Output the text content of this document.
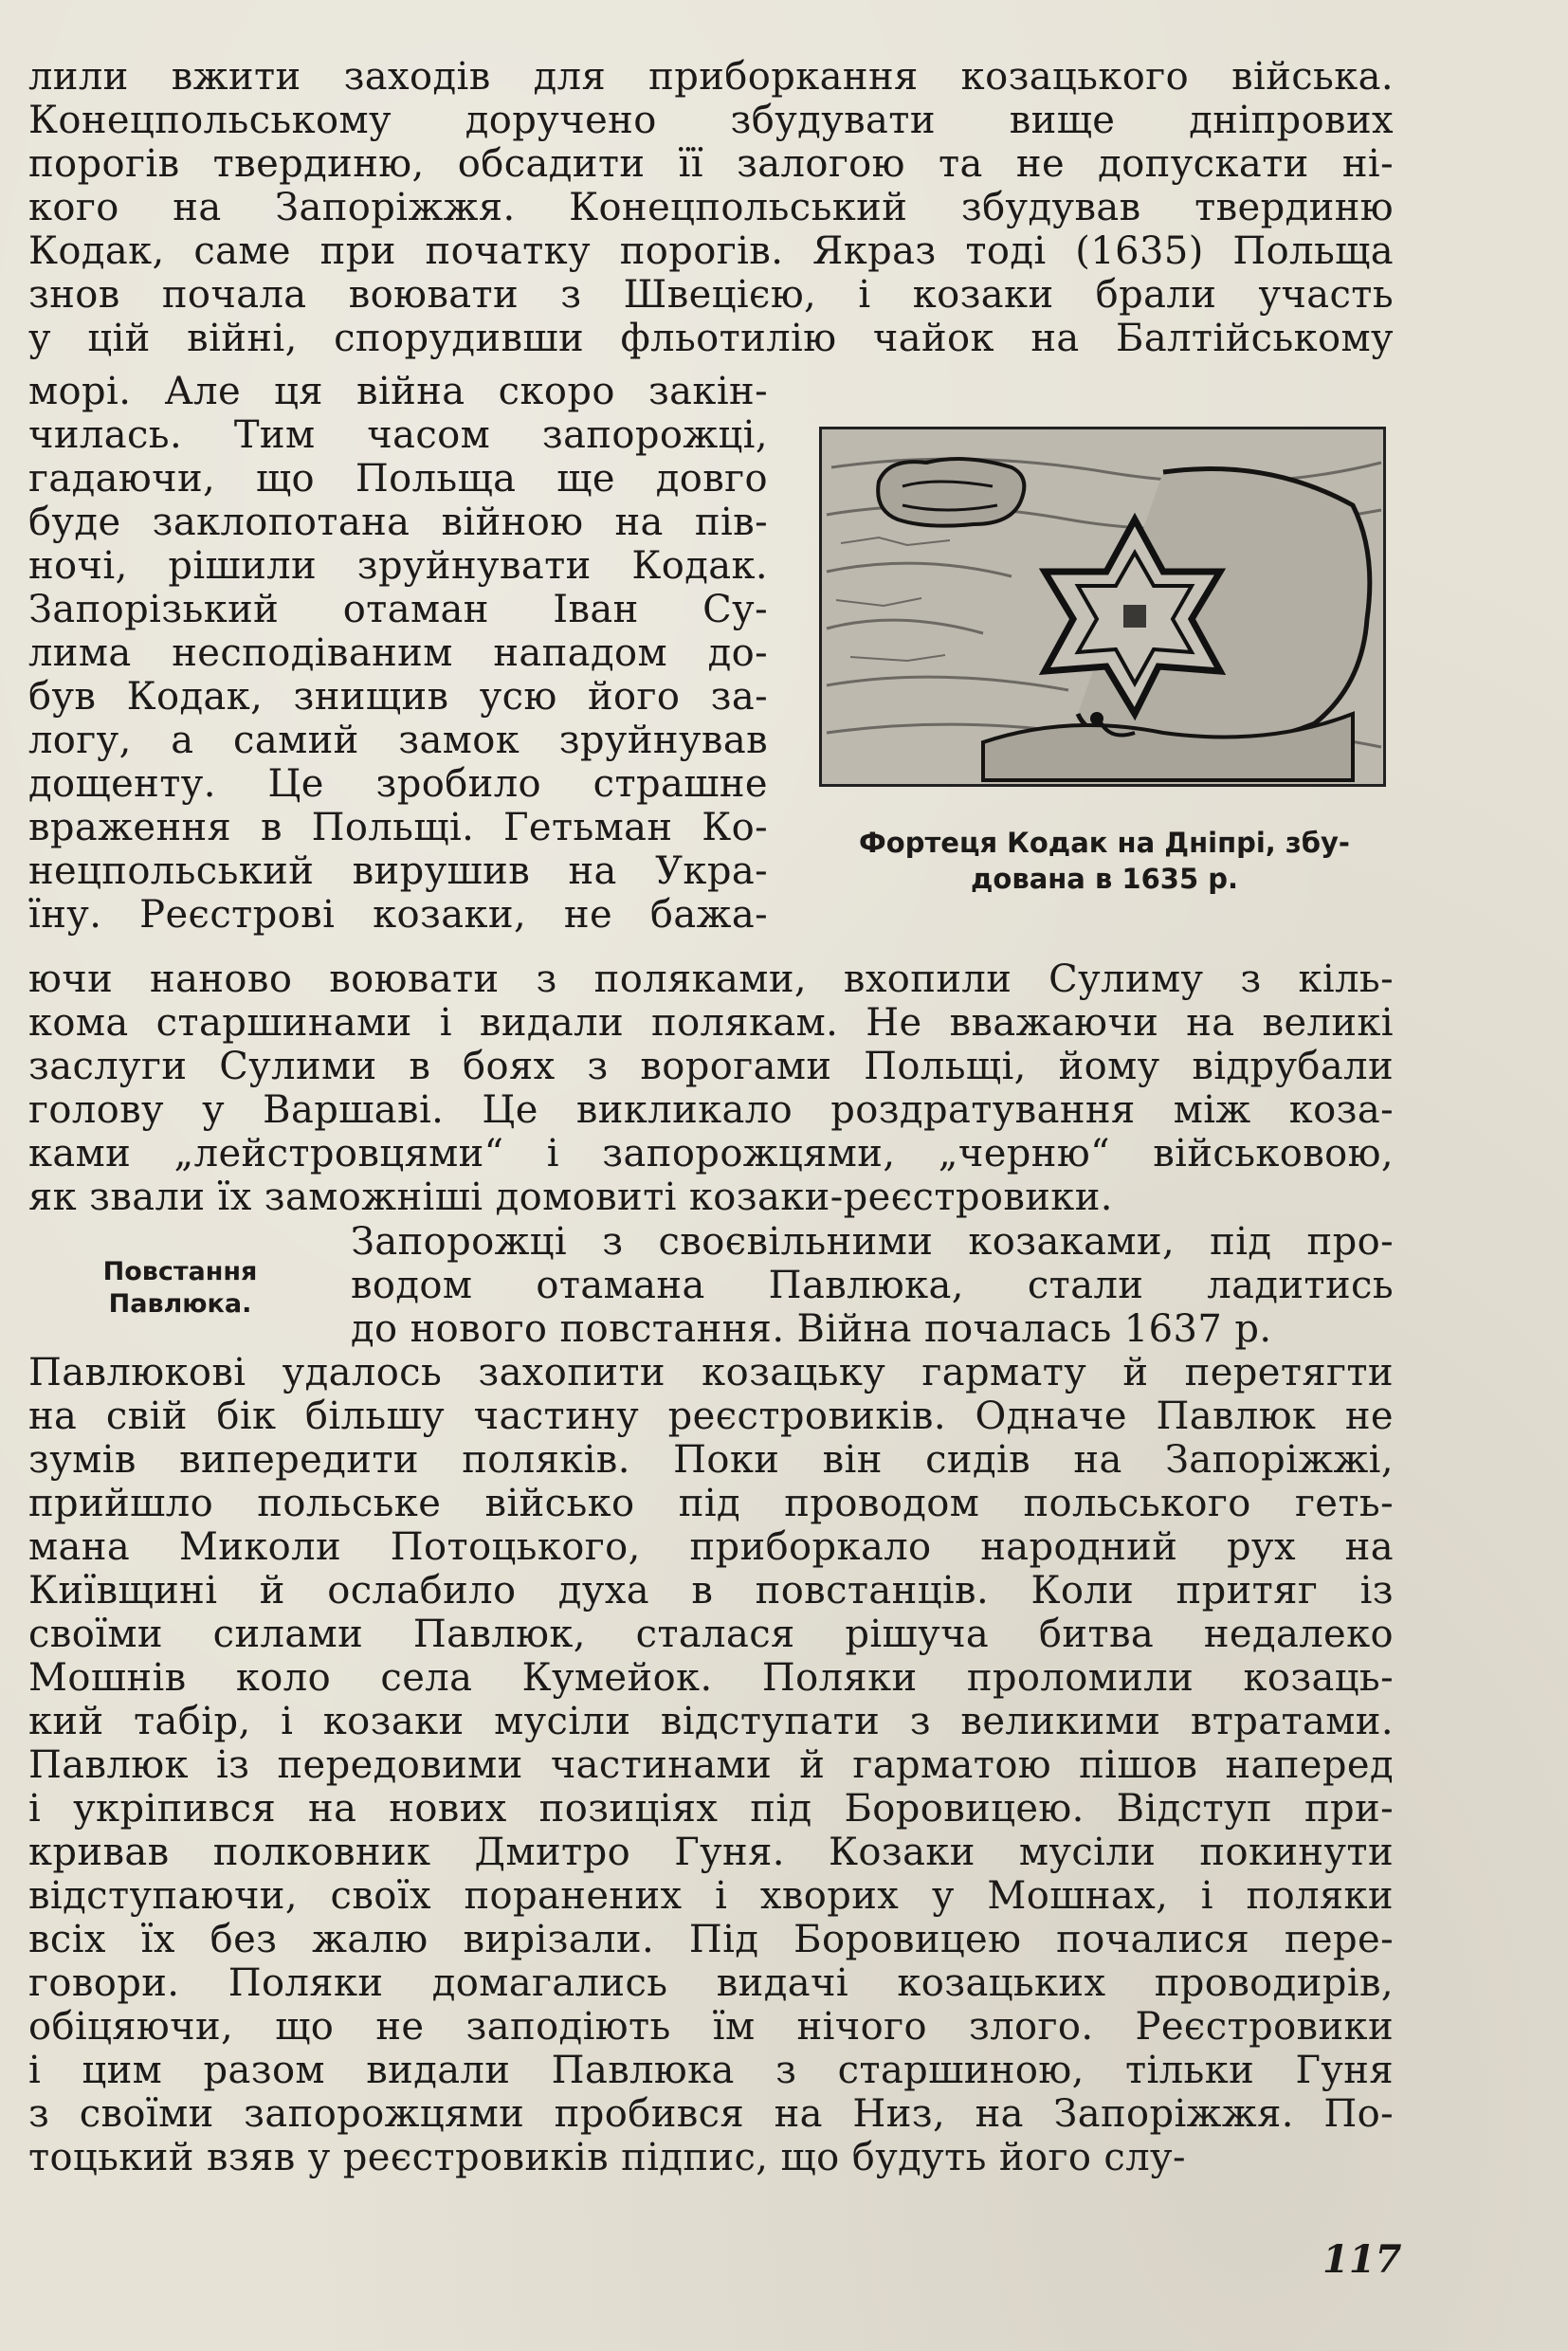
лили вжити заходів для приборкання козацького війська.
Конецпольському доручено збудувати вище дніпрових
порогів твердиню, обсадити її залогою та не допускати ні-
кого на Запоріжжя. Конецпольський збудував твердиню
Кодак, саме при початку порогів. Якраз тоді (1635) Польща
знов почала воювати з Швецією, і козаки брали участь
у цій війні, спорудивши фльотилію чайок на Балтійському
морі. Але ця війна скоро закін-
чилась. Тим часом запорожці,
гадаючи, що Польща ще довго
буде заклопотана війною на пів-
ночі, рішили зруйнувати Кодак.
Запорізький отаман Іван Су-
лима несподіваним нападом до-
був Кодак, знищив усю його за-
логу, а самий замок зруйнував
дощенту. Це зробило страшне
враження в Польщі. Гетьман Ко-
нецпольський вирушив на Укра-
їну. Реєстрові козаки, не бажа-
Фортеця Кодак на Дніпрі, збу-
дована в 1635 р.
ючи наново воювати з поляками, вхопили Сулиму з кіль-
кома старшинами і видали полякам. Не вважаючи на великі
заслуги Сулими в боях з ворогами Польщі, йому відрубали
голову у Варшаві. Це викликало роздратування між коза-
ками „лейстровцями“ і запорожцями, „черню“ військовою,
як звали їх заможніші домовиті козаки-реєстровики.
Повстання
Павлюка.
Запорожці з своєвільними козаками, під про-
водом отамана Павлюка, стали ладитись
до нового повстання. Війна почалась 1637 р.
Павлюкові удалось захопити козацьку гармату й перетягти
на свій бік більшу частину реєстровиків. Одначе Павлюк не
зумів випередити поляків. Поки він сидів на Запоріжжі,
прийшло польське військо під проводом польського геть-
мана Миколи Потоцького, приборкало народний рух на
Київщині й ослабило духа в повстанців. Коли притяг із
своїми силами Павлюк, сталася рішуча битва недалеко
Мошнів коло села Кумейок. Поляки проломили козаць-
кий табір, і козаки мусіли відступати з великими втратами.
Павлюк із передовими частинами й гарматою пішов наперед
і укріпився на нових позиціях під Боровицею. Відступ при-
кривав полковник Дмитро Гуня. Козаки мусіли покинути
відступаючи, своїх поранених і хворих у Мошнах, і поляки
всіх їх без жалю вирізали. Під Боровицею почалися пере-
говори. Поляки домагались видачі козацьких проводирів,
обіцяючи, що не заподіють їм нічого злого. Реєстровики
і цим разом видали Павлюка з старшиною, тільки Гуня
з своїми запорожцями пробився на Низ, на Запоріжжя. По-
тоцький взяв у реєстровиків підпис, що будуть його слу-
117
